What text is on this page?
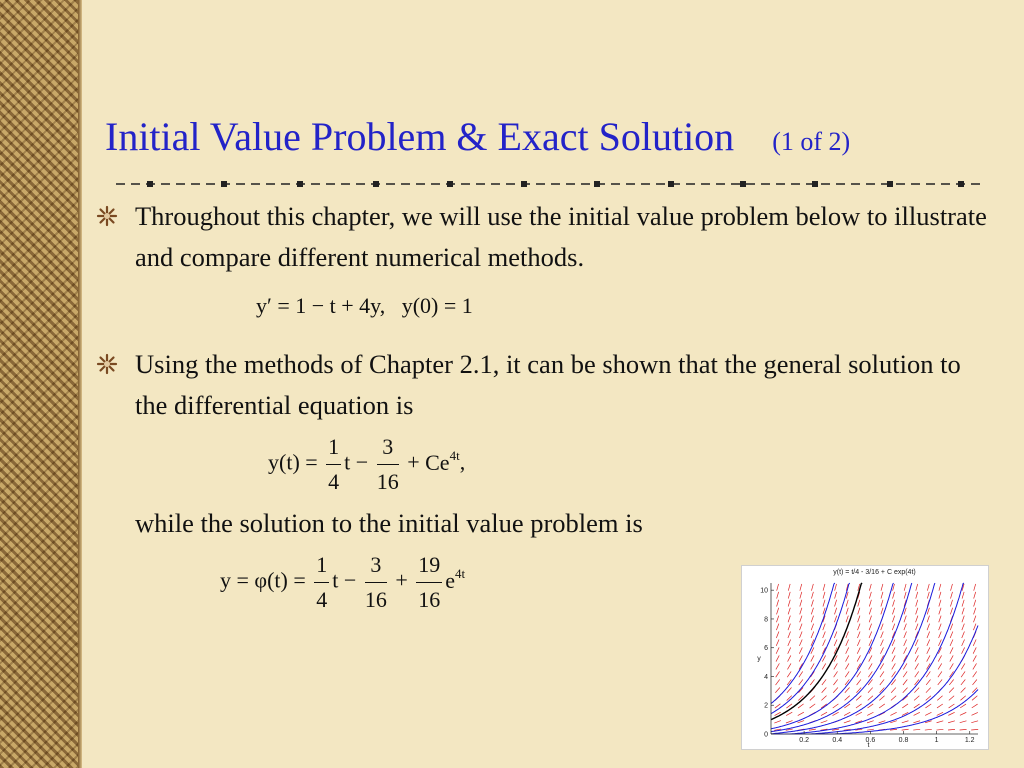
Initial Value Problem & Exact Solution (1 of 2)
Throughout this chapter, we will use the initial value problem below to illustrate and compare different numerical methods.
y′ = 1 − t + 4y, y(0) = 1
Using the methods of Chapter 2.1, it can be shown that the general solution to the differential equation is
$y(t) = \frac{1}{4}$ $t - \frac{3}{16} + Ce^{4t}$,
while the solution to the initial value problem is
$y = \varphi(t) = \frac{1}{4}$ $t - \frac{3}{16} + \frac{19}{16} e^{4t}$
0.2	0.4	0.6	0.8	1	1.2
0
2
4
6
8
10
y(t) = t/4 - 3/16 + C exp(4t)
t
y
